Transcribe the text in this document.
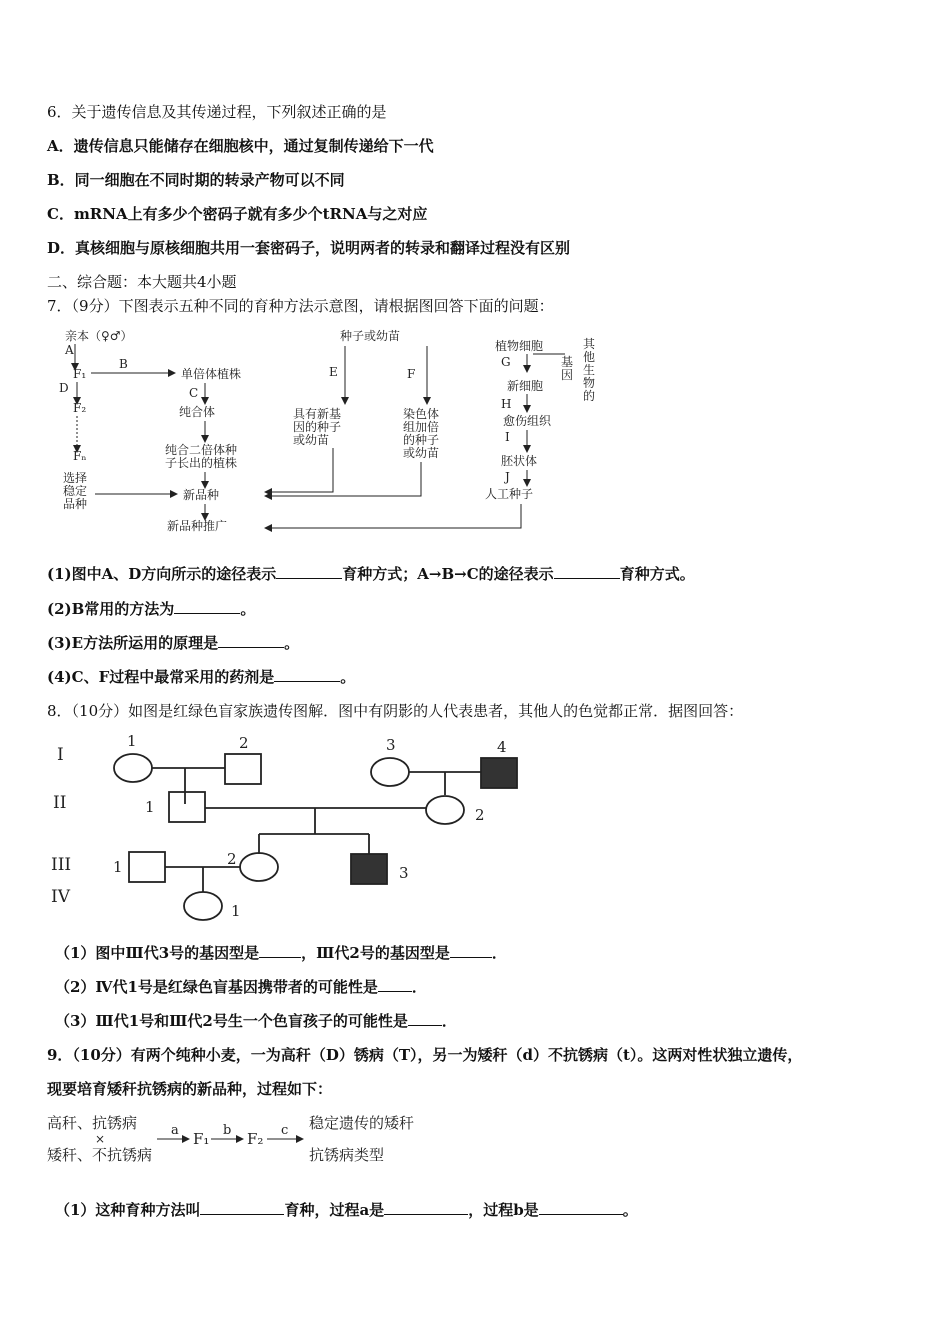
6．关于遗传信息及其传递过程，下列叙述正确的是
A．遗传信息只能储存在细胞核中，通过复制传递给下一代
B．同一细胞在不同时期的转录产物可以不同
C．mRNA上有多少个密码子就有多少个tRNA与之对应
D．真核细胞与原核细胞共用一套密码子，说明两者的转录和翻译过程没有区别
二、综合题：本大题共4小题
7．（9分）下图表示五种不同的育种方法示意图，请根据图回答下面的问题：
亲本（♀♂）
A
F₁
D
F₂
Fₙ
B
单倍体植株
C
纯合体
纯合二倍体种
子长出的植株
选择
稳定
品种
新品种
新品种推广
种子或幼苗
E	F
具有新基
因的种子
或幼苗
染色体
组加倍
的种子
或幼苗
植物细胞
G	基
因
其
他
生
物
的
新细胞
H
愈伤组织
I
胚状体
J
人工种子
(1)图中A、D方向所示的途径表示	育种方式；A→B→C的途径表示	育种方式。
(2)B常用的方法为	。
(3)E方法所运用的原理是	。
(4)C、F过程中最常采用的药剂是	。
8．（10分）如图是红绿色盲家族遗传图解．图中有阴影的人代表患者，其他人的色觉都正常．据图回答：
I
II
III
IV
1	2	3	4
1	2
1	2
3
1
（1）图中Ⅲ代3号的基因型是	，Ⅲ代2号的基因型是	．
（2）Ⅳ代1号是红绿色盲基因携带者的可能性是 ．
（3）Ⅲ代1号和Ⅲ代2号生一个色盲孩子的可能性是 ．
9．（10分）有两个纯种小麦，一为高秆（D）锈病（T），另一为矮秆（d）不抗锈病（t）。这两对性状独立遗传，
现要培育矮秆抗锈病的新品种，过程如下：
高秆、抗锈病
×
矮秆、不抗锈病
a F₁ b F₂ c 稳定遗传的矮秆
抗锈病类型
（1）这种育种方法叫	育种，过程a是	，过程b是	。
